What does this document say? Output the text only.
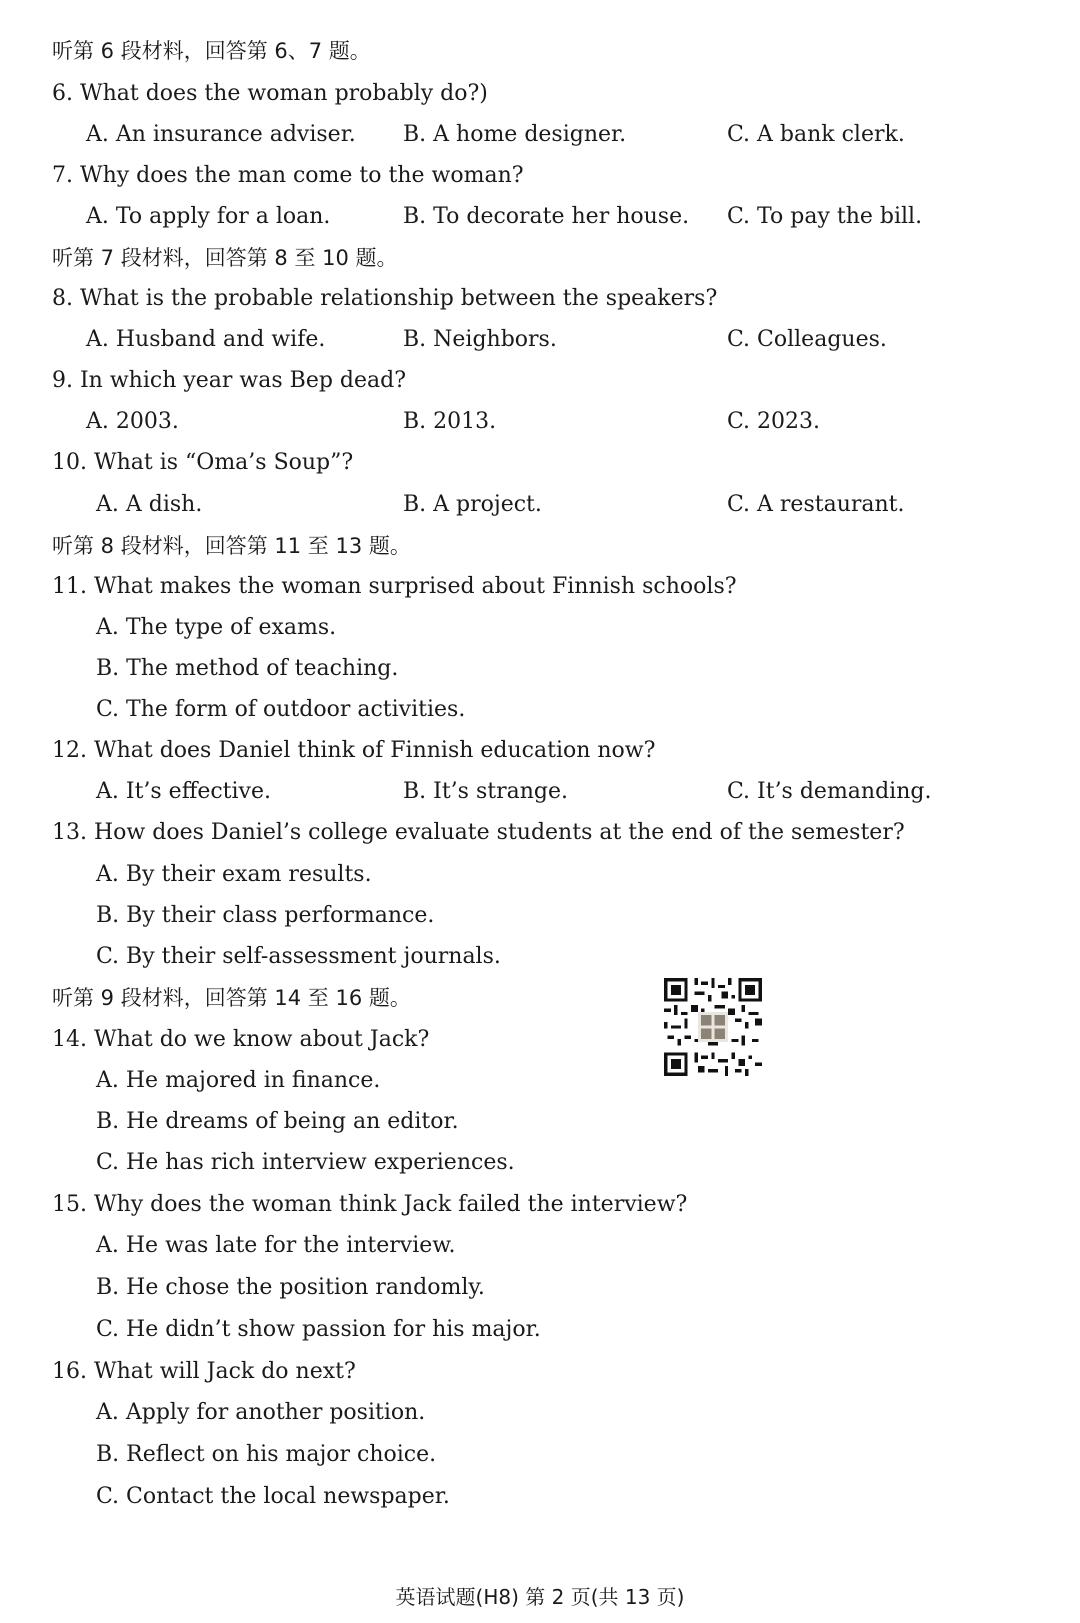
听第 6 段材料，回答第 6、7 题。
6. What does the woman probably do?)
A. An insurance adviser. B. A home designer.	C. A bank clerk.
7. Why does the man come to the woman?
A. To apply for a loan.	B. To decorate her house. C. To pay the bill.
听第 7 段材料，回答第 8 至 10 题。
8. What is the probable relationship between the speakers?
A. Husband and wife.	B. Neighbors.	C. Colleagues.
9. In which year was Bep dead?
A. 2003.	B. 2013.	C. 2023.
10. What is “Oma’s Soup”?
A. A dish.	B. A project.	C. A restaurant.
听第 8 段材料，回答第 11 至 13 题。
11. What makes the woman surprised about Finnish schools?
A. The type of exams.
B. The method of teaching.
C. The form of outdoor activities.
12. What does Daniel think of Finnish education now?
A. It’s effective.	B. It’s strange.	C. It’s demanding.
13. How does Daniel’s college evaluate students at the end of the semester?
A. By their exam results.
B. By their class performance.
C. By their self-assessment journals.
听第 9 段材料，回答第 14 至 16 题。
14. What do we know about Jack?
A. He majored in finance.
B. He dreams of being an editor.
C. He has rich interview experiences.
15. Why does the woman think Jack failed the interview?
A. He was late for the interview.
B. He chose the position randomly.
C. He didn’t show passion for his major.
16. What will Jack do next?
A. Apply for another position.
B. Reflect on his major choice.
C. Contact the local newspaper.
英语试题(H8) 第 2 页(共 13 页)
